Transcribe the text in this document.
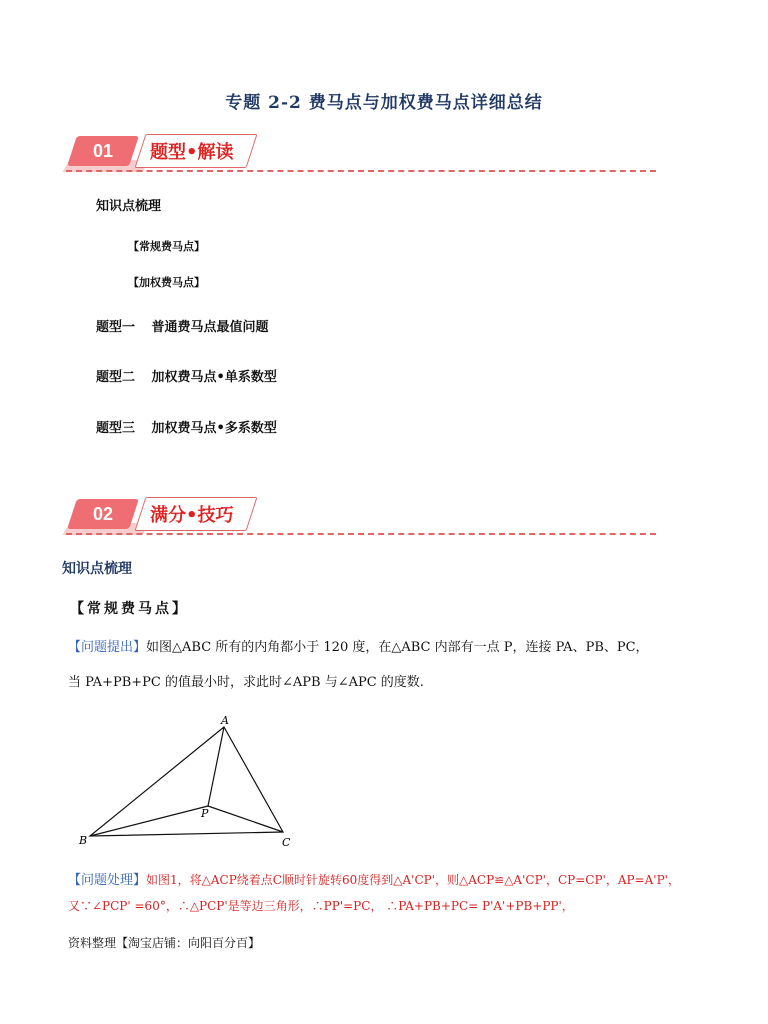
专题 2-2 费马点与加权费马点详细总结
01	题型•解读
知识点梳理
【常规费马点】
【加权费马点】
题型一 普通费马点最值问题
题型二 加权费马点•单系数型
题型三 加权费马点•多系数型
02	满分•技巧
知识点梳理
【常规费马点】
【问题提出】如图△ABC 所有的内角都小于 120 度，在△ABC 内部有一点 P，连接 PA、PB、PC，
当 PA+PB+PC 的值最小时，求此时∠APB 与∠APC 的度数.
A
B	C
P
【问题处理】如图1，将△ACP绕着点C顺时针旋转60度得到△A'CP'，则△ACP≌△A'CP'，CP=CP'，AP=A'P'，
又∵∠PCP' =60°，∴△PCP'是等边三角形，∴PP'=PC， ∴PA+PB+PC= P'A'+PB+PP'，
资料整理【淘宝店铺：向阳百分百】
